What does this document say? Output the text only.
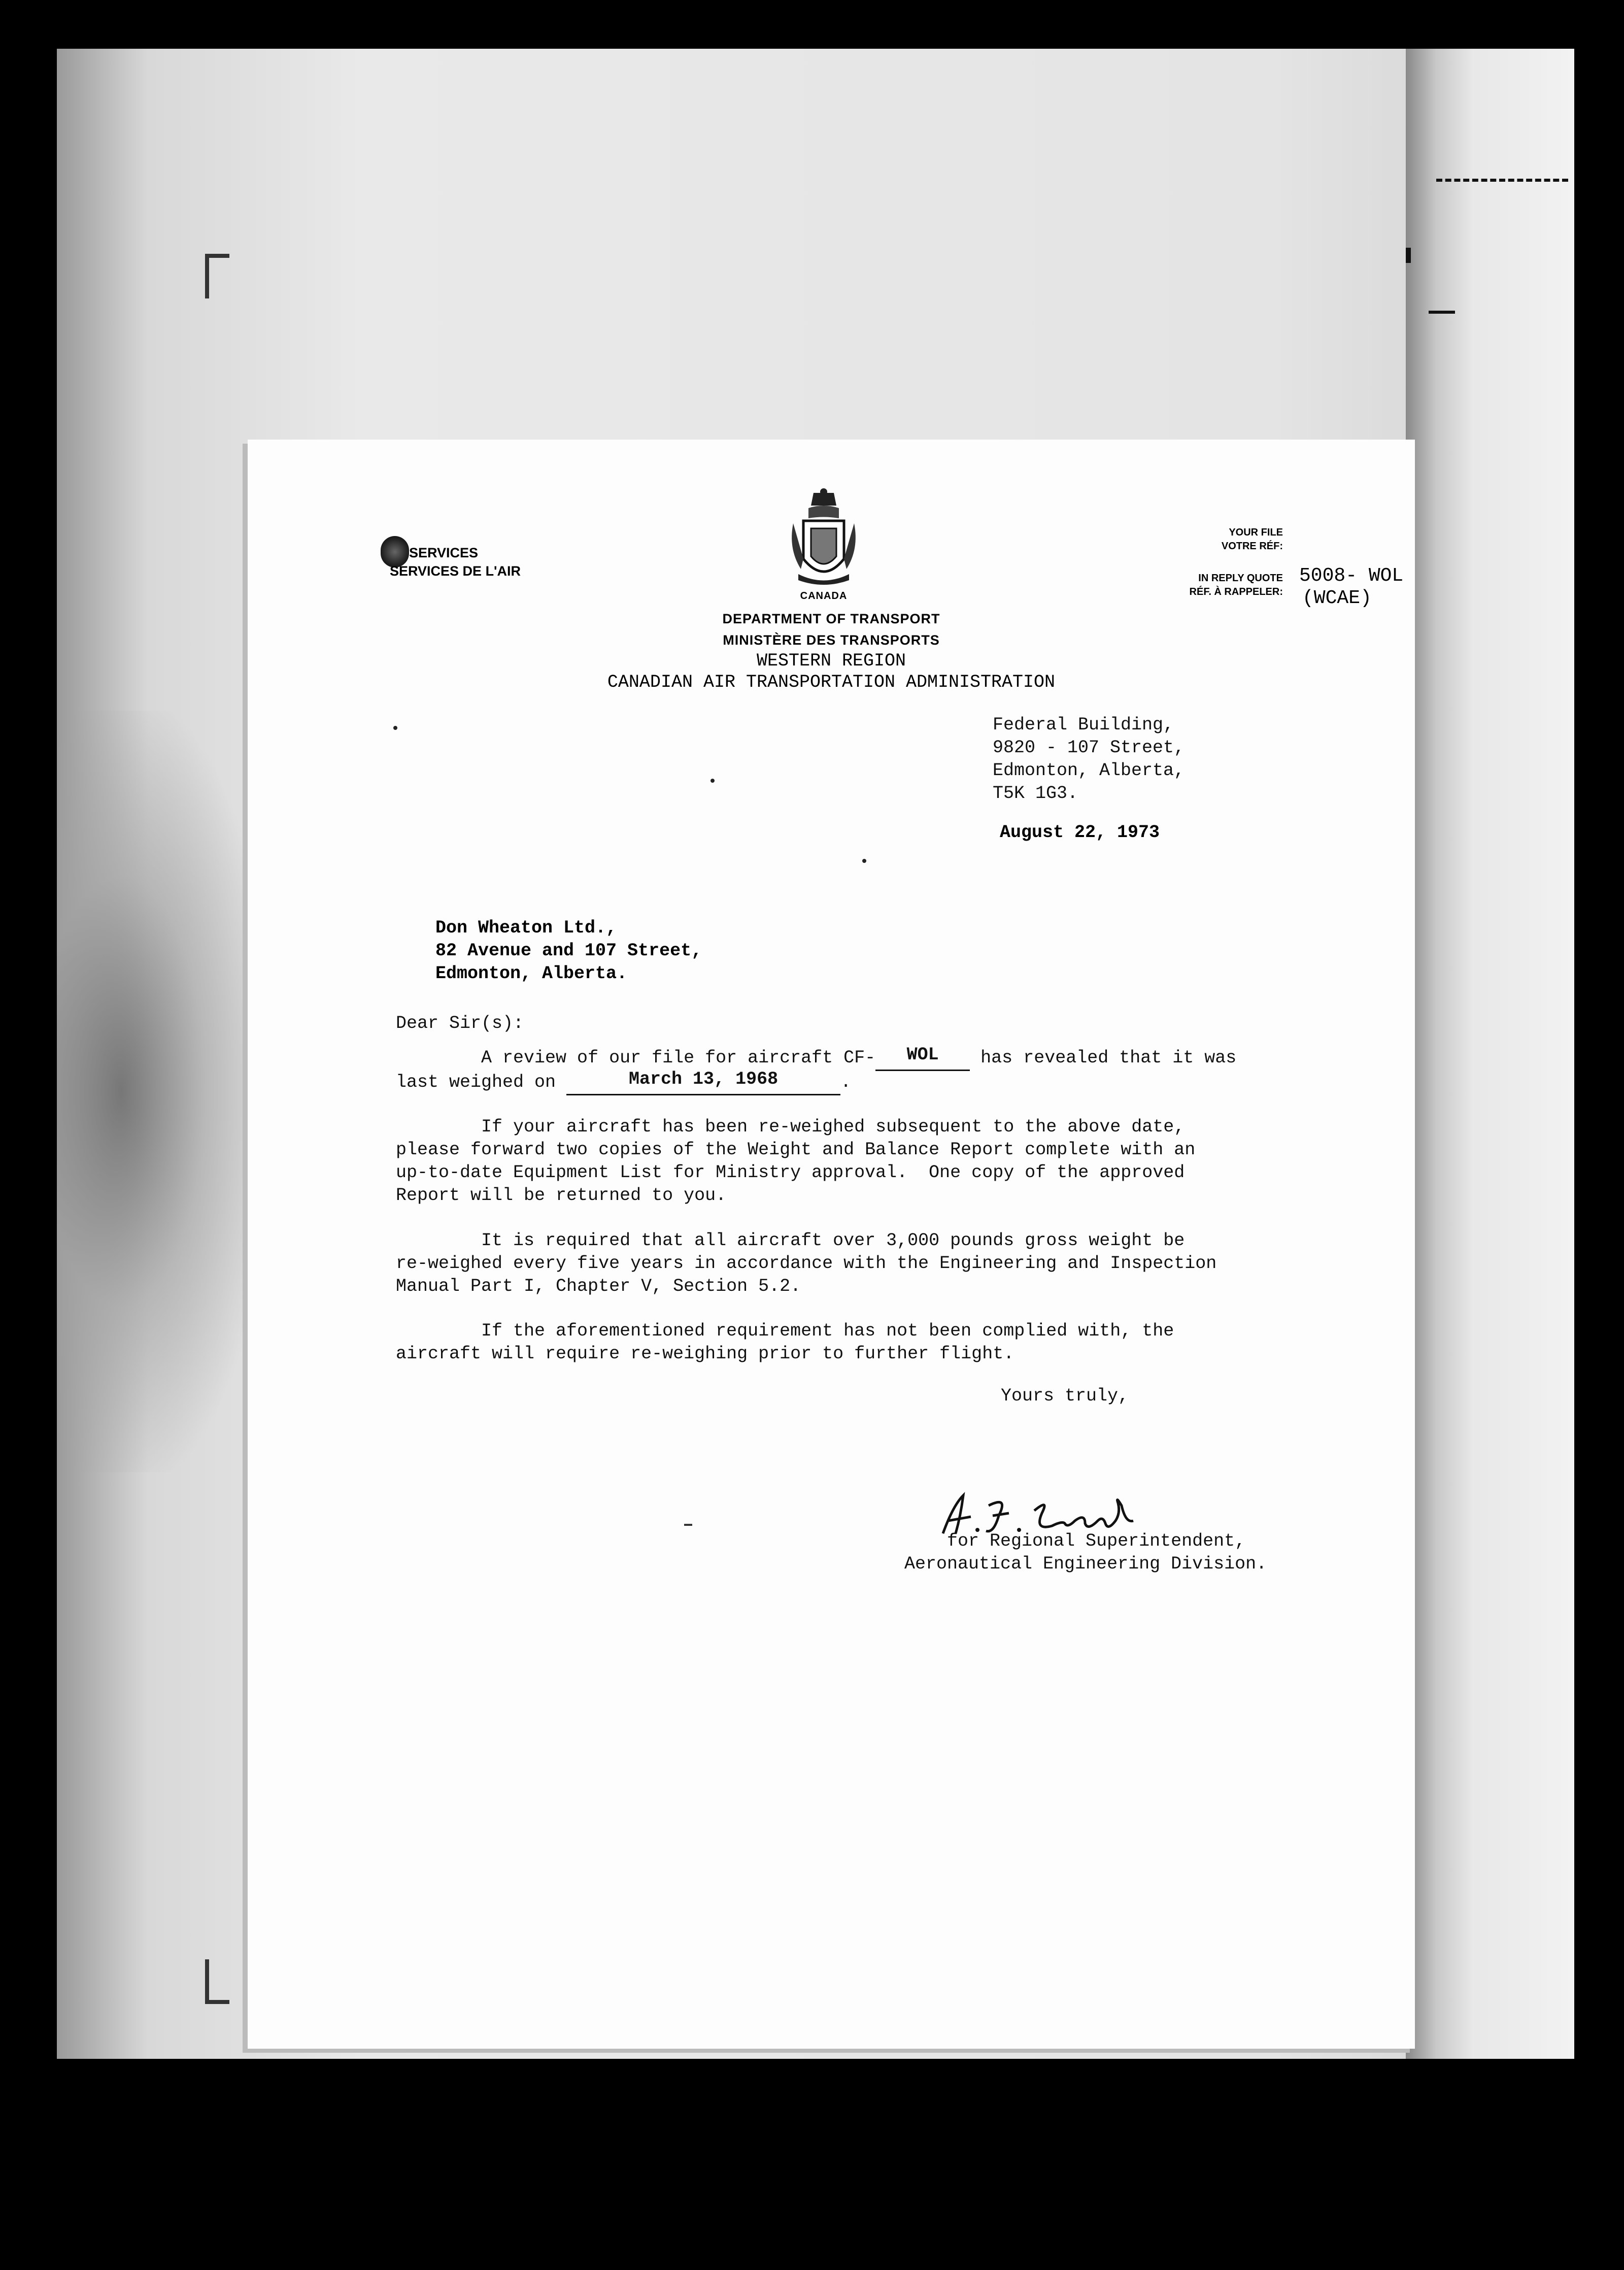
SERVICES
SERVICES DE L'AIR
CANADA
DEPARTMENT OF TRANSPORT
MINISTÈRE DES TRANSPORTS
WESTERN REGION
CANADIAN AIR TRANSPORTATION ADMINISTRATION
YOUR FILE
VOTRE RÉF:
IN REPLY QUOTE
RÉF. À RAPPELER:
5008- WOL
(WCAE)
Federal Building,
9820 - 107 Street,
Edmonton, Alberta,
T5K 1G3.
August 22, 1973
Don Wheaton Ltd.,
82 Avenue and 107 Street,
Edmonton, Alberta.
Dear Sir(s):
A review of our file for aircraft CF- WOL has revealed that it was
last weighed on	March 13, 1968	.
If your aircraft has been re-weighed subsequent to the above date,
please forward two copies of the Weight and Balance Report complete with an
up-to-date Equipment List for Ministry approval.  One copy of the approved
Report will be returned to you.
It is required that all aircraft over 3,000 pounds gross weight be
re-weighed every five years in accordance with the Engineering and Inspection
Manual Part I, Chapter V, Section 5.2.
If the aforementioned requirement has not been complied with, the
aircraft will require re-weighing prior to further flight.
Yours truly,
for Regional Superintendent,
Aeronautical Engineering Division.
